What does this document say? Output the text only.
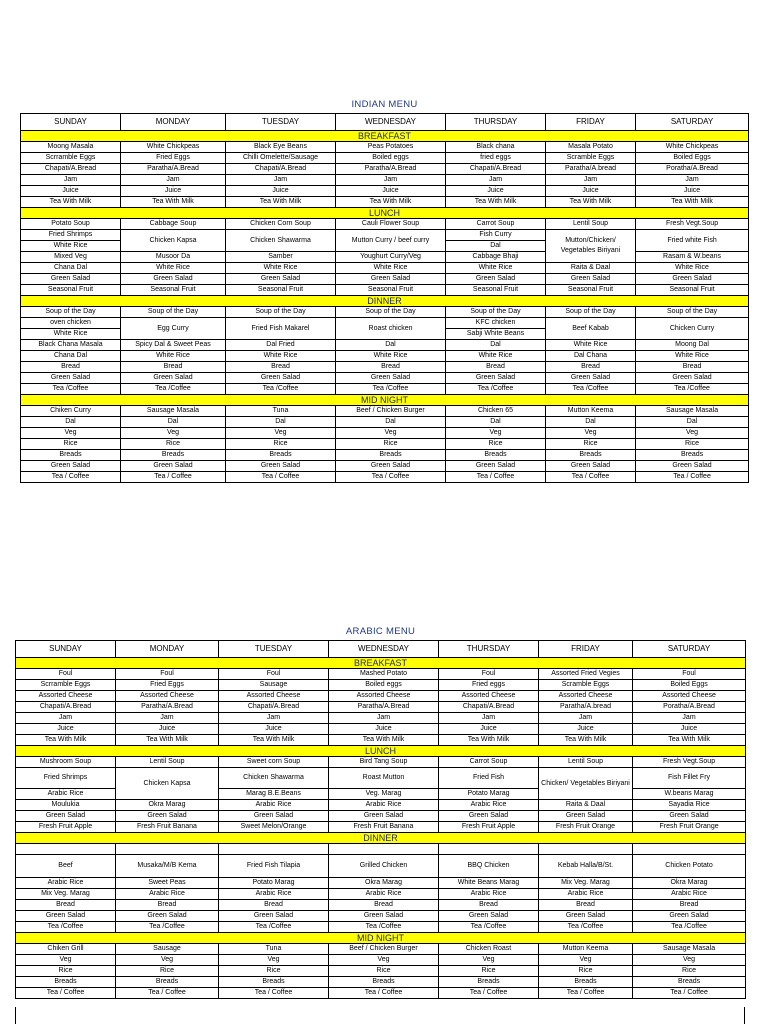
INDIAN MENU						
SUNDAY	MONDAY	TUESDAY	WEDNESDAY	THURSDAY	FRIDAY	SATURDAY
BREAKFAST						
Moong Masala	White Chickpeas	Black Eye Beans	Peas Potatoes	Black chana	Masala Potato	White Chickpeas
Scrramble Eggs	Fried Eggs	Chilli Omelette/Sausage	Boiled eggs	fried eggs	Scramble Eggs	Boiled Eggs
Chapati/A.Bread	Paratha/A.Bread	Chapati/A.Bread	Paratha/A.Bread	Chapati/A.Bread	Paratha/A.bread	Poratha/A.Bread
Jam	Jam	Jam	Jam	Jam	Jam	Jam
Juice	Juice	Juice	Juice	Juice	Juice	Juice
Tea With Milk	Tea With Milk	Tea With Milk	Tea With Milk	Tea With Milk	Tea With Milk	Tea With Milk
LUNCH						
Potato Soup	Cabbage Soup	Chicken Corn Soup	Cauli Flower Soup	Carrot Soup	Lentil Soup	Fresh Vegt.Soup
Fried Shrimps	Chicken Kapsa	Chicken Shawarma	Mutton Curry / beef curry	Fish Curry	Mutton/Chicken/ Vegetables Biriyani	Fried white Fish
White Rice				Dal		
Mixed Veg	Musoor Da	Samber	Youghurt Curry/Veg	Cabbage Bhaji		Rasam & W.beans
Chana Dal	White Rice	White Rice	White Rice	White Rice	Raita & Daal	White Rice
Green Salad	Green Salad	Green Salad	Green Salad	Green Salad	Green Salad	Green Salad
Seasonal Fruit	Seasonal Fruit	Seasonal Fruit	Seasonal Fruit	Seasonal Fruit	Seasonal Fruit	Seasonal Fruit
DINNER						
Soup of the Day	Soup of the Day	Soup of the Day	Soup of the Day	Soup of the Day	Soup of the Day	Soup of the Day
oven chicken	Egg Curry	Fried Fish Makarel	Roast chicken	KFC chicken	Beef Kabab	Chicken Curry
White Rice				Sabji White Beans		
Black Chana Masala	Spicy Dal & Sweet Peas	Dal Fried	Dal	Dal	White Rice	Moong Dal
Chana Dal	White Rice	White Rice	White Rice	White Rice	Dal Chana	White Rice
Bread	Bread	Bread	Bread	Bread	Bread	Bread
Green Salad	Green Salad	Green Salad	Green Salad	Green Salad	Green Salad	Green Salad
Tea /Coffee	Tea /Coffee	Tea /Coffee	Tea /Coffee	Tea /Coffee	Tea /Coffee	Tea /Coffee
MID NIGHT						
Chiken Curry	Sausage Masala	Tuna	Beef / Chicken Burger	Chicken 65	Mutton Keema	Sausage Masala
Dal	Dal	Dal	Dal	Dal	Dal	Dal
Veg	Veg	Veg	Veg	Veg	Veg	Veg
Rice	Rice	Rice	Rice	Rice	Rice	Rice
Breads	Breads	Breads	Breads	Breads	Breads	Breads
Green Salad	Green Salad	Green Salad	Green Salad	Green Salad	Green Salad	Green Salad
Tea / Coffee	Tea / Coffee	Tea / Coffee	Tea / Coffee	Tea / Coffee	Tea / Coffee	Tea / Coffee
ARABIC MENU						
SUNDAY	MONDAY	TUESDAY	WEDNESDAY	THURSDAY	FRIDAY	SATURDAY
BREAKFAST						
Foul	Foul	Foul	Mashed Potato	Foul	Assorted Fried Vegies	Foul
Scrramble Eggs	Fried Eggs	Sausage	Boiled eggs	Fried eggs	Scramble Eggs	Boiled Eggs
Assorted Cheese	Assorted Cheese	Assorted Cheese	Assorted Cheese	Assorted Cheese	Assorted Cheese	Assorted Cheese
Chapati/A.Bread	Paratha/A.Bread	Chapati/A.Bread	Paratha/A.Bread	Chapati/A.Bread	Paratha/A.bread	Poratha/A.Bread
Jam	Jam	Jam	Jam	Jam	Jam	Jam
Juice	Juice	Juice	Juice	Juice	Juice	Juice
Tea With Milk	Tea With Milk	Tea With Milk	Tea With Milk	Tea With Milk	Tea With Milk	Tea With Milk
LUNCH						
Mushroom Soup	Lentil Soup	Sweet corn Soup	Bird Tang Soup	Carrot Soup	Lentil Soup	Fresh Vegt.Soup
Fried Shrimps	Chicken Kapsa	Chicken Shawarma	Roast Mutton	Fried Fish	Chicken/ Vegetables Biriyani	Fish Fillet Fry
Arabic Rice		Marag B.E.Beans	Veg. Marag	Potato Marag		W.beans Marag
Moulukia	Okra Marag	Arabic Rice	Arabic Rice	Arabic Rice	Raita & Daal	Sayadia Rice
Green Salad	Green Salad	Green Salad	Green Salad	Green Salad	Green Salad	Green Salad
Fresh Fruit Apple	Fresh Fruit Banana	Sweet Melon/Orange	Fresh Fruit Banana	Fresh Fruit Apple	Fresh Fruit Orange	Fresh Fruit Orange
DINNER						

Beef	Musaka/M/B Kema	Fried Fish Tilapia	Grilled Chicken	BBQ Chicken	Kebab Halla/B/St.	Chicken Potato
Arabic Rice	Sweet Peas	Potato Marag	Okra Marag	White Beans Marag	Mix Veg. Marag	Okra Marag
Mix Veg. Marag	Arabic Rice	Arabic Rice	Arabic Rice	Arabic Rice	Arabic Rice	Arabic Rice
Bread	Bread	Bread	Bread	Bread	Bread	Bread
Green Salad	Green Salad	Green Salad	Green Salad	Green Salad	Green Salad	Green Salad
Tea /Coffee	Tea /Coffee	Tea /Coffee	Tea /Coffee	Tea /Coffee	Tea /Coffee	Tea /Coffee
MID NIGHT						
Chiken Grill	Sausage	Tuna	Beef / Chicken Burger	Chicken Roast	Mutton Keema	Sausage Masala
Veg	Veg	Veg	Veg	Veg	Veg	Veg
Rice	Rice	Rice	Rice	Rice	Rice	Rice
Breads	Breads	Breads	Breads	Breads	Breads	Breads
Tea / Coffee	Tea / Coffee	Tea / Coffee	Tea / Coffee	Tea / Coffee	Tea / Coffee	Tea / Coffee
